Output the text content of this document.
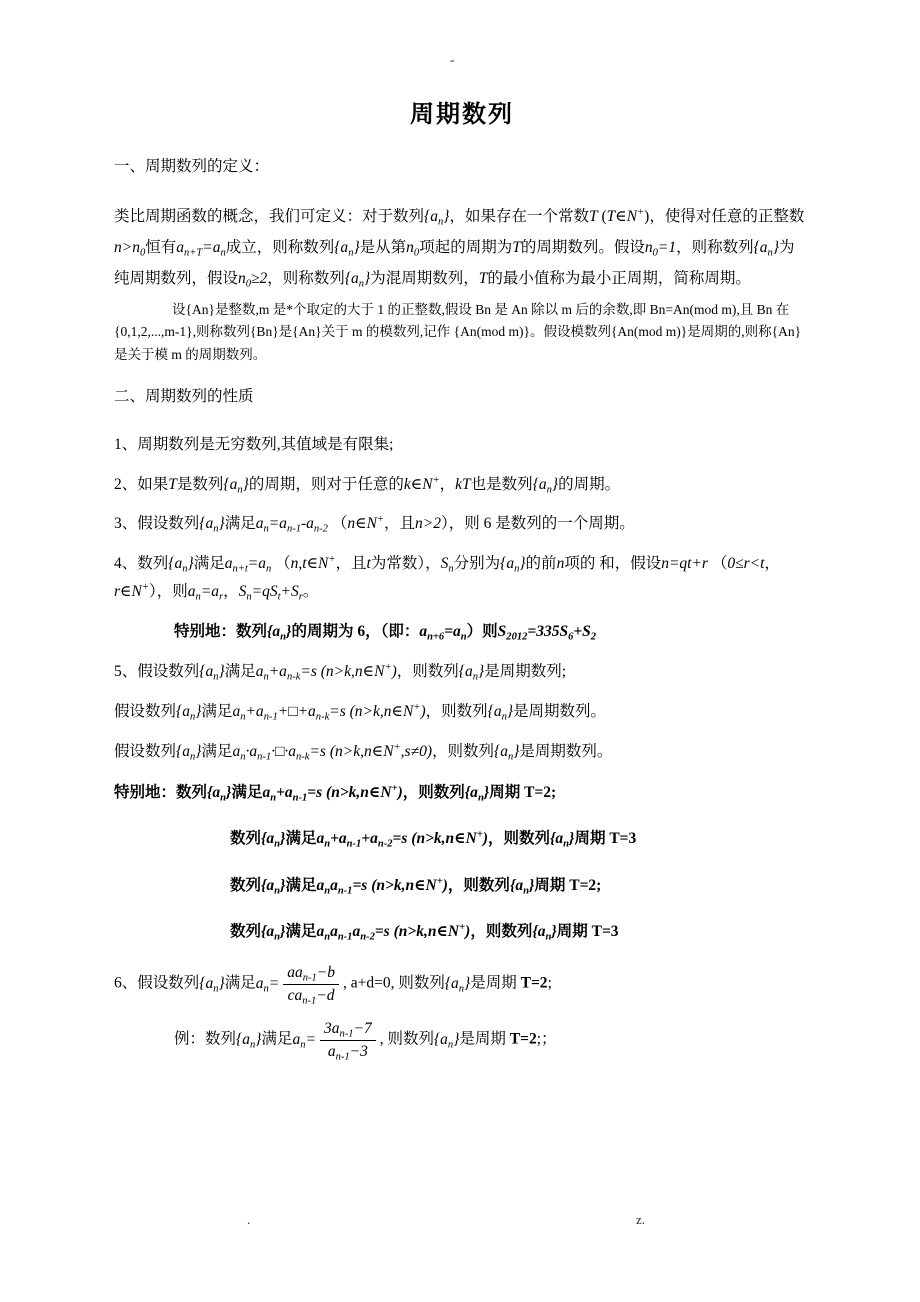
-
周期数列

一、周期数列的定义：

类比周期函数的概念，我们可定义：对于数列$\{a_n\}$，如果存在一个常数T (T∈N+)，使得对任意的正整数$n>n_0$恒有$a_{n+T}=a_n$成立，则称数列$\{a_n\}$是从第$n_0$项起的周期为T的周期数列。假设$n_0=1$，则称数列$\{a_n\}$为纯周期数列，假设$n_0\ge 2$，则称数列$\{a_n\}$为混周期数列，T的最小值称为最小正周期，简称周期。

设{An}是整数,m 是*个取定的大于 1 的正整数,假设 Bn 是 An 除以 m 后的余数,即 Bn=An(mod m),且 Bn 在{0,1,2,...,m-1},则称数列{Bn}是{An}关于 m 的模数列,记作 {An(mod m)}。假设模数列{An(mod m)}是周期的,则称{An}是关于模 m 的周期数列。

二、周期数列的性质

1、周期数列是无穷数列,其值域是有限集;

2、如果T是数列$\{a_n\}$的周期，则对于任意的k∈N+，kT也是数列$\{a_n\}$的周期。

3、假设数列$\{a_n\}$满足$a_n=a_{n-1}-a_{n-2}$ （n∈N+，且n>2），则 6 是数列的一个周期。

4、数列$\{a_n\}$满足$a_{n+t}=a_n$ （n,t∈N+，且t为常数），$S_n$分别为$\{a_n\}$的前n项的 和，假设n=qt+r （0≤r<t，r∈N+），则$a_n=a_r$，$S_n=qS_t+S_r$。

特别地：数列$\{a_n\}$的周期为 6，（即：$a_{n+6}=a_n$）则$S_{2012}=335S_6+S_2$

5、假设数列$\{a_n\}$满足$a_n+a_{n-k}=s$ (n>k,n∈N+)，则数列$\{a_n\}$是周期数列;

假设数列$\{a_n\}$满足$a_n+a_{n-1}+□+a_{n-k}=s$ (n>k,n∈N+)，则数列$\{a_n\}$是周期数列。

假设数列$\{a_n\}$满足$a_n\cdot a_{n-1}\cdot□\cdot a_{n-k}=s$ (n>k,n∈N+,s≠0)，则数列$\{a_n\}$是周期数列。

特别地：数列$\{a_n\}$满足$a_n+a_{n-1}=s$ (n>k,n∈N+)，则数列$\{a_n\}$周期 T=2;

数列$\{a_n\}$满足$a_n+a_{n-1}+a_{n-2}=s$ (n>k,n∈N+)，则数列$\{a_n\}$周期 T=3

数列$\{a_n\}$满足$a_na_{n-1}=s$ (n>k,n∈N+)，则数列$\{a_n\}$周期 T=2;

数列$\{a_n\}$满足$a_na_{n-1}a_{n-2}=s$ (n>k,n∈N+)，则数列$\{a_n\}$周期 T=3

6、假设数列$\{a_n\}$满足$a_n= \frac{aa_{n-1}-b}{ca_{n-1}-d}$ , a+d=0, 则数列$\{a_n\}$是周期 T=2;

例：数列$\{a_n\}$满足$a_n= \frac{3a_{n-1}-7}{a_{n-1}-3}$ , 则数列$\{a_n\}$是周期 T=2;；

.	z.
